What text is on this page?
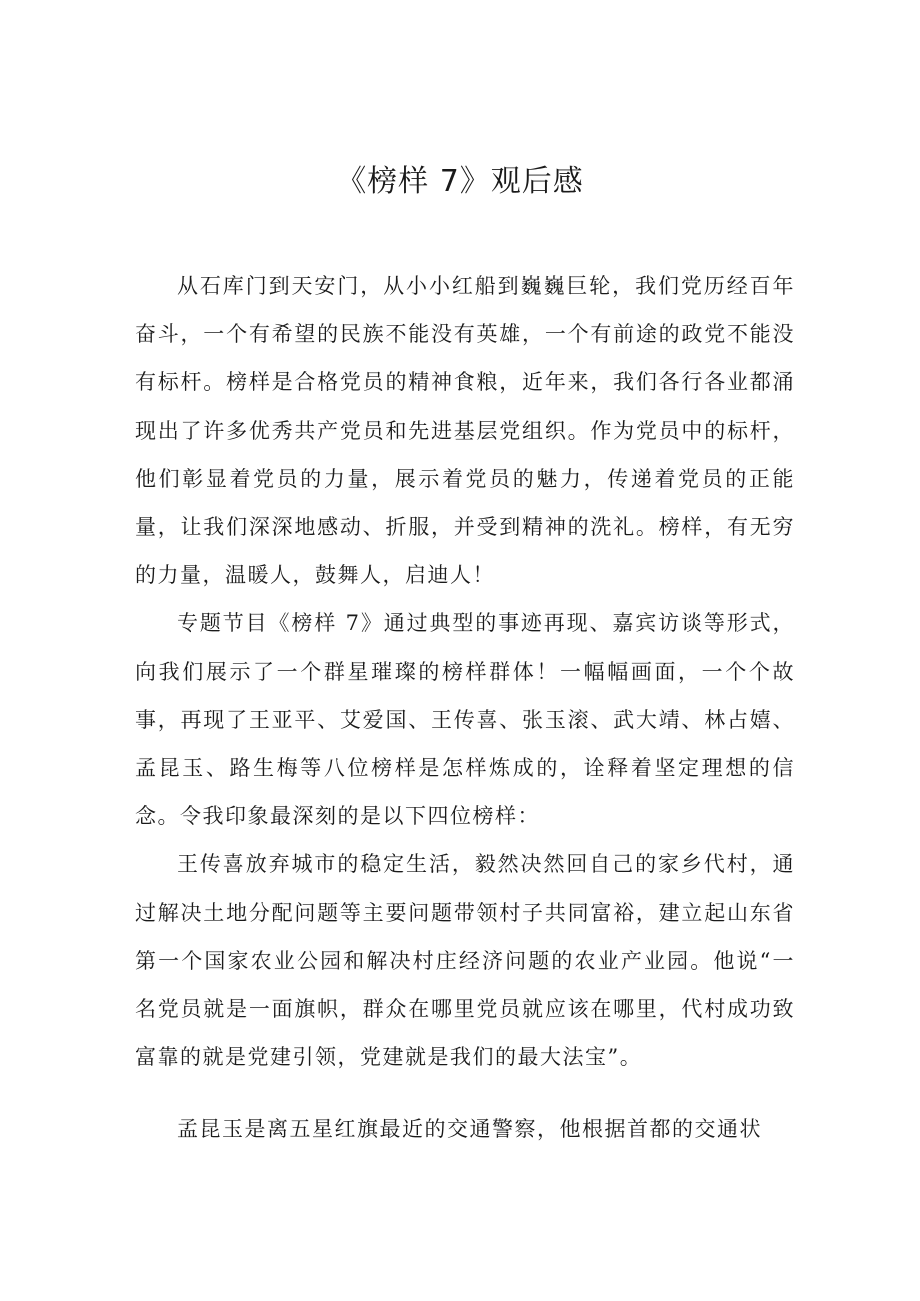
《榜样 7》观后感

从石库门到天安门，从小小红船到巍巍巨轮，我们党历经百年奋斗，一个有希望的民族不能没有英雄，一个有前途的政党不能没有标杆。榜样是合格党员的精神食粮，近年来，我们各行各业都涌现出了许多优秀共产党员和先进基层党组织。作为党员中的标杆，他们彰显着党员的力量，展示着党员的魅力，传递着党员的正能量，让我们深深地感动、折服，并受到精神的洗礼。榜样，有无穷的力量，温暖人，鼓舞人，启迪人！

专题节目《榜样 7》通过典型的事迹再现、嘉宾访谈等形式，向我们展示了一个群星璀璨的榜样群体！一幅幅画面，一个个故事，再现了王亚平、艾爱国、王传喜、张玉滚、武大靖、林占嬉、孟昆玉、路生梅等八位榜样是怎样炼成的，诠释着坚定理想的信念。令我印象最深刻的是以下四位榜样：

王传喜放弃城市的稳定生活，毅然决然回自己的家乡代村，通过解决土地分配问题等主要问题带领村子共同富裕，建立起山东省第一个国家农业公园和解决村庄经济问题的农业产业园。他说“一名党员就是一面旗帜，群众在哪里党员就应该在哪里，代村成功致富靠的就是党建引领，党建就是我们的最大法宝”。

孟昆玉是离五星红旗最近的交通警察，他根据首都的交通状
